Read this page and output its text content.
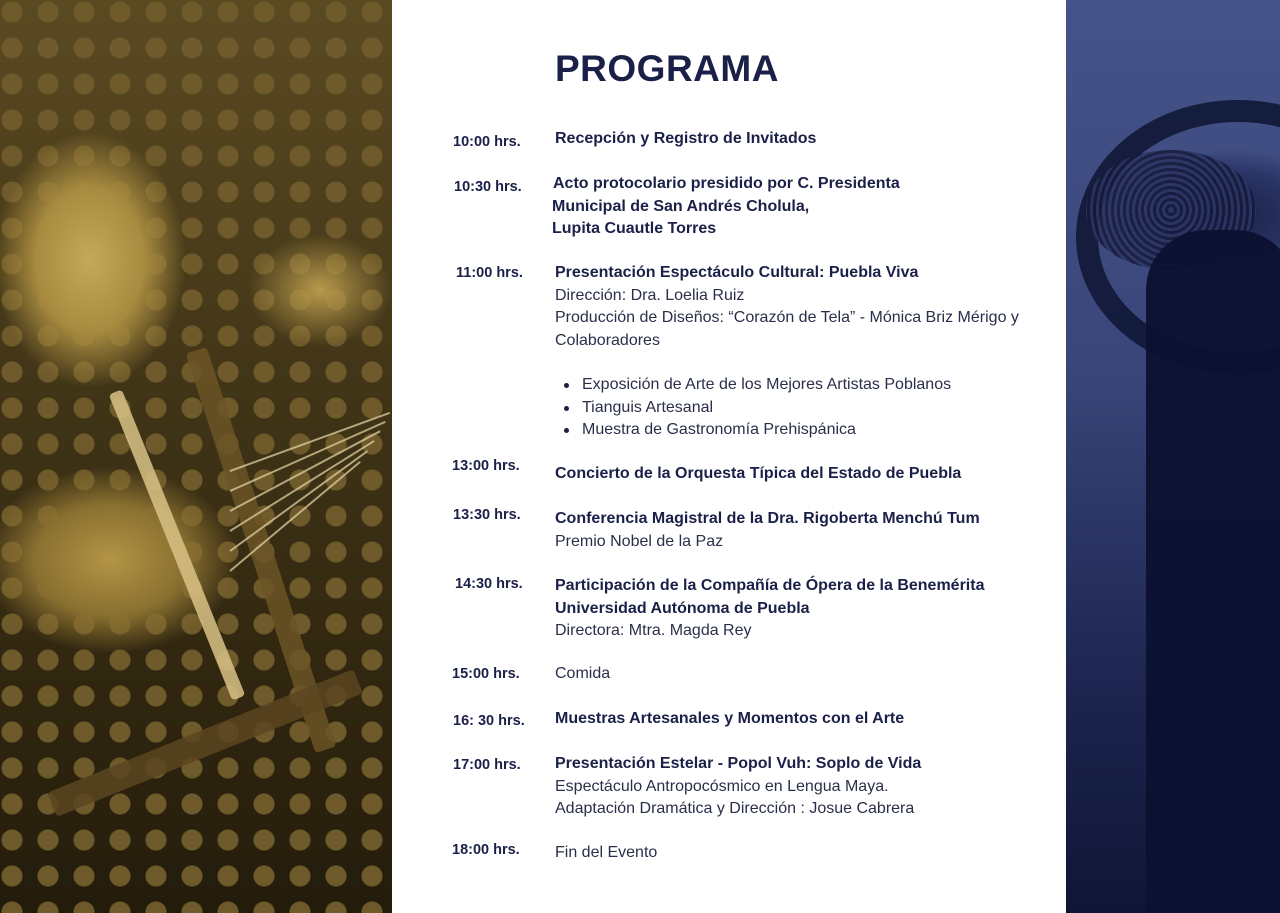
PROGRAMA
10:00 hrs. Recepción y Registro de Invitados
10:30 hrs. Acto protocolario presidido por C. Presidenta
Municipal de San Andrés Cholula,
Lupita Cuautle Torres
11:00 hrs. Presentación Espectáculo Cultural: Puebla Viva
Dirección: Dra. Loelia Ruiz
Producción de Diseños: “Corazón de Tela” - Mónica Briz Mérigo y Colaboradores
13:00 hrs. Concierto de la Orquesta Típica del Estado de Puebla
13:30 hrs. Conferencia Magistral de la Dra. Rigoberta Menchú Tum
Premio Nobel de la Paz
14:30 hrs. Participación de la Compañía de Ópera de la Benemérita
Universidad Autónoma de Puebla
Directora: Mtra. Magda Rey
15:00 hrs. Comida
16: 30 hrs. Muestras Artesanales y Momentos con el Arte
17:00 hrs. Presentación Estelar - Popol Vuh: Soplo de Vida
Espectáculo Antropocósmico en Lengua Maya.
Adaptación Dramática y Dirección : Josue Cabrera
18:00 hrs. Fin del Evento
Exposición de Arte de los Mejores Artistas Poblanos
Tianguis Artesanal
Muestra de Gastronomía Prehispánica
